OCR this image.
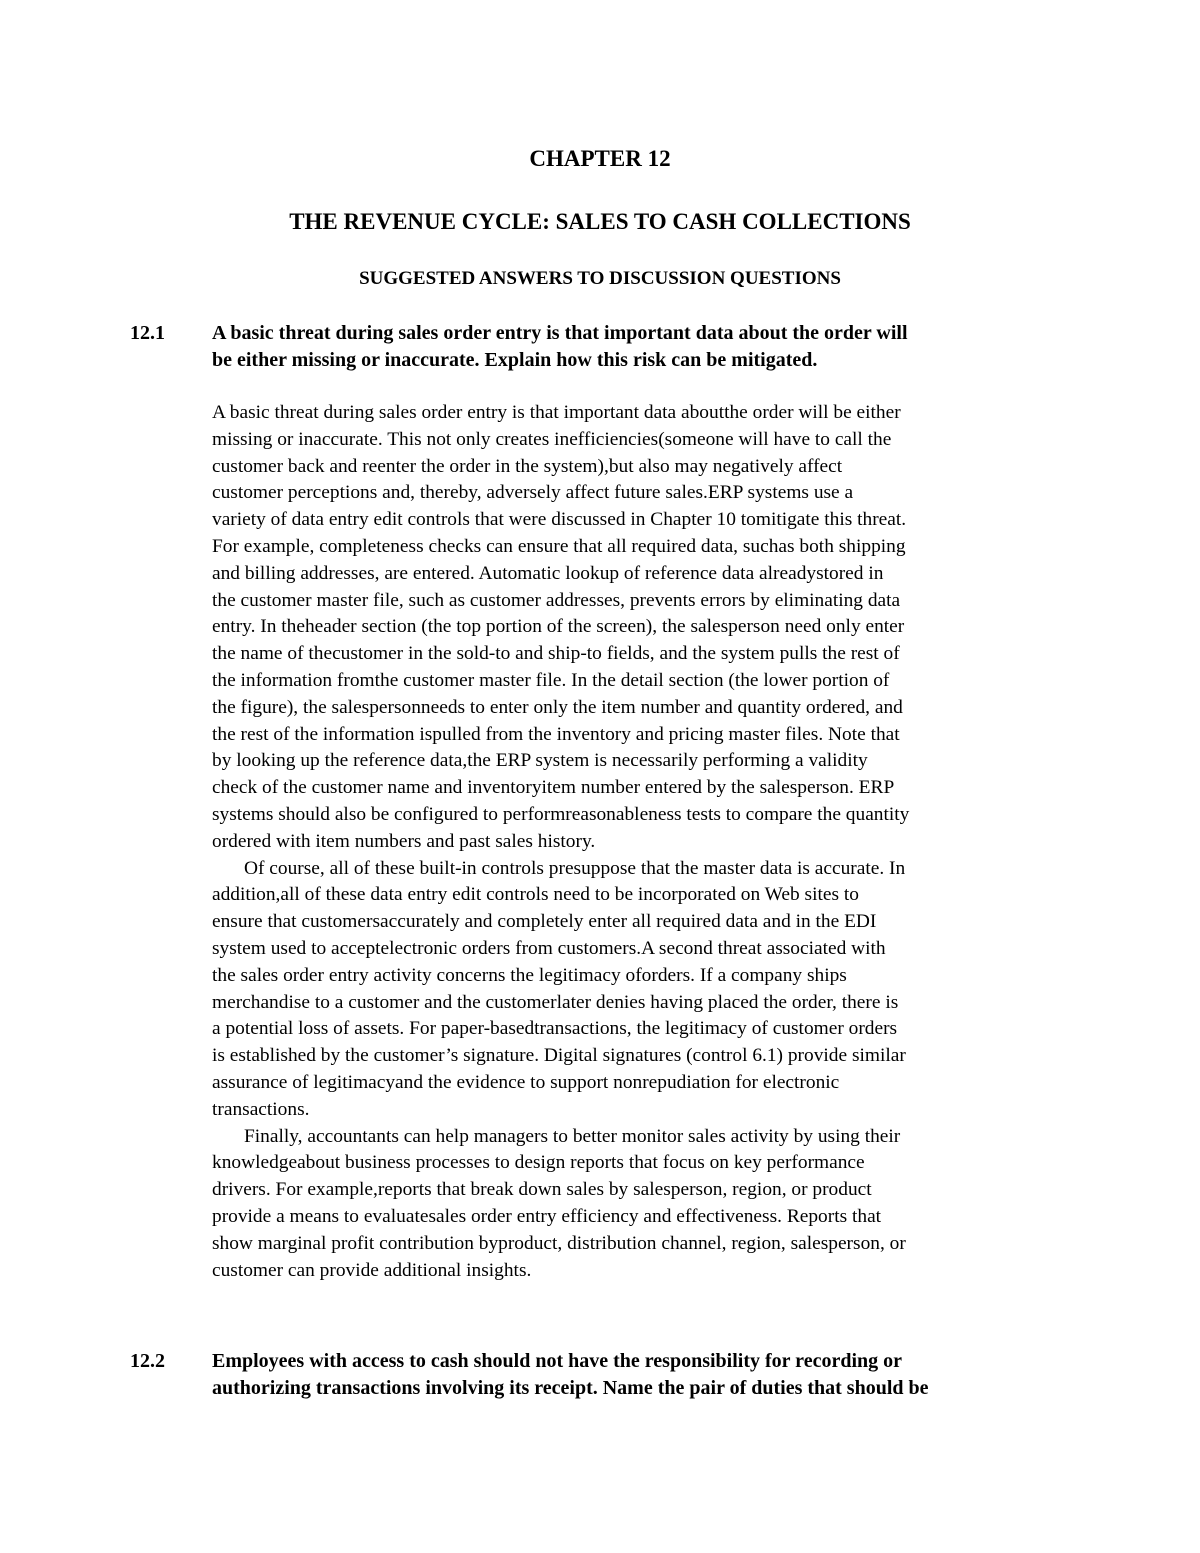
CHAPTER 12
THE REVENUE CYCLE: SALES TO CASH COLLECTIONS
SUGGESTED ANSWERS TO DISCUSSION QUESTIONS
12.1 A basic threat during sales order entry is that important data about the order will
be either missing or inaccurate. Explain how this risk can be mitigated.
A basic threat during sales order entry is that important data aboutthe order will be either
missing or inaccurate. This not only creates inefficiencies(someone will have to call the
customer back and reenter the order in the system),but also may negatively affect
customer perceptions and, thereby, adversely affect future sales.ERP systems use a
variety of data entry edit controls that were discussed in Chapter 10 tomitigate this threat.
For example, completeness checks can ensure that all required data, suchas both shipping
and billing addresses, are entered. Automatic lookup of reference data alreadystored in
the customer master file, such as customer addresses, prevents errors by eliminating data
entry. In theheader section (the top portion of the screen), the salesperson need only enter
the name of thecustomer in the sold-to and ship-to fields, and the system pulls the rest of
the information fromthe customer master file. In the detail section (the lower portion of
the figure), the salespersonneeds to enter only the item number and quantity ordered, and
the rest of the information ispulled from the inventory and pricing master files. Note that
by looking up the reference data,the ERP system is necessarily performing a validity
check of the customer name and inventoryitem number entered by the salesperson. ERP
systems should also be configured to performreasonableness tests to compare the quantity
ordered with item numbers and past sales history.
Of course, all of these built-in controls presuppose that the master data is accurate. In
addition,all of these data entry edit controls need to be incorporated on Web sites to
ensure that customersaccurately and completely enter all required data and in the EDI
system used to acceptelectronic orders from customers.A second threat associated with
the sales order entry activity concerns the legitimacy oforders. If a company ships
merchandise to a customer and the customerlater denies having placed the order, there is
a potential loss of assets. For paper-basedtransactions, the legitimacy of customer orders
is established by the customer’s signature. Digital signatures (control 6.1) provide similar
assurance of legitimacyand the evidence to support nonrepudiation for electronic
transactions.
Finally, accountants can help managers to better monitor sales activity by using their
knowledgeabout business processes to design reports that focus on key performance
drivers. For example,reports that break down sales by salesperson, region, or product
provide a means to evaluatesales order entry efficiency and effectiveness. Reports that
show marginal profit contribution byproduct, distribution channel, region, salesperson, or
customer can provide additional insights.
12.2 Employees with access to cash should not have the responsibility for recording or
authorizing transactions involving its receipt. Name the pair of duties that should be
